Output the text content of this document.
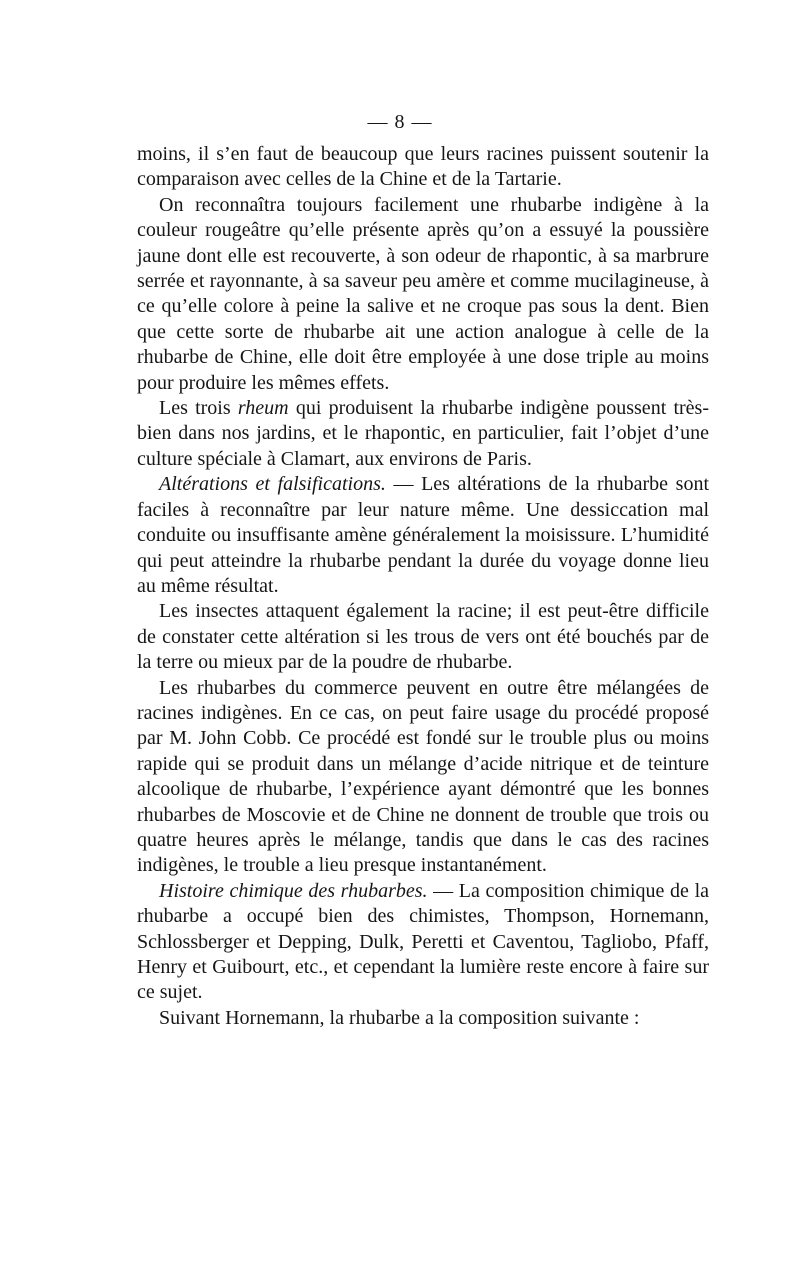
— 8 —

moins, il s’en faut de beaucoup que leurs racines puissent soutenir la comparaison avec celles de la Chine et de la Tartarie.

On reconnaîtra toujours facilement une rhubarbe indigène à la couleur rougeâtre qu’elle présente après qu’on a essuyé la poussière jaune dont elle est recouverte, à son odeur de rhapontic, à sa marbrure serrée et rayonnante, à sa saveur peu amère et comme mucilagineuse, à ce qu’elle colore à peine la salive et ne croque pas sous la dent. Bien que cette sorte de rhubarbe ait une action analogue à celle de la rhubarbe de Chine, elle doit être employée à une dose triple au moins pour produire les mêmes effets.

Les trois rheum qui produisent la rhubarbe indigène poussent très-bien dans nos jardins, et le rhapontic, en particulier, fait l’objet d’une culture spéciale à Clamart, aux environs de Paris.

Altérations et falsifications. — Les altérations de la rhubarbe sont faciles à reconnaître par leur nature même. Une dessiccation mal conduite ou insuffisante amène généralement la moisissure. L’humidité qui peut atteindre la rhubarbe pendant la durée du voyage donne lieu au même résultat.

Les insectes attaquent également la racine; il est peut-être difficile de constater cette altération si les trous de vers ont été bouchés par de la terre ou mieux par de la poudre de rhubarbe.

Les rhubarbes du commerce peuvent en outre être mélangées de racines indigènes. En ce cas, on peut faire usage du procédé proposé par M. John Cobb. Ce procédé est fondé sur le trouble plus ou moins rapide qui se produit dans un mélange d’acide nitrique et de teinture alcoolique de rhubarbe, l’expérience ayant démontré que les bonnes rhubarbes de Moscovie et de Chine ne donnent de trouble que trois ou quatre heures après le mélange, tandis que dans le cas des racines indigènes, le trouble a lieu presque instantanément.

Histoire chimique des rhubarbes. — La composition chimique de la rhubarbe a occupé bien des chimistes, Thompson, Hornemann, Schlossberger et Depping, Dulk, Peretti et Caventou, Tagliobo, Pfaff, Henry et Guibourt, etc., et cependant la lumière reste encore à faire sur ce sujet.

Suivant Hornemann, la rhubarbe a la composition suivante :
